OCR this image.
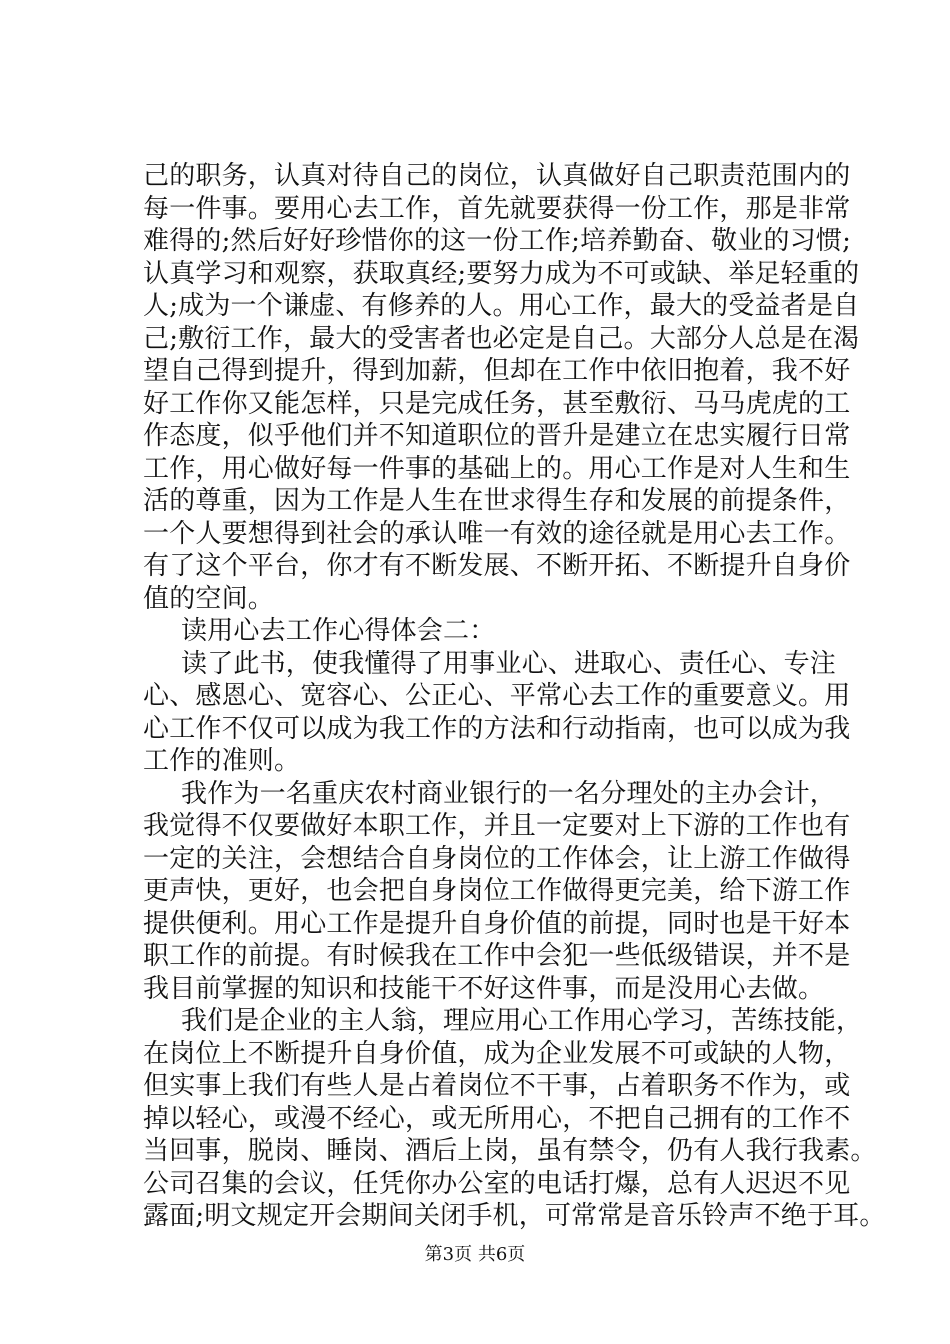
己的职务，认真对待自己的岗位，认真做好自己职责范围内的
每一件事。要用心去工作，首先就要获得一份工作，那是非常
难得的;然后好好珍惜你的这一份工作;培养勤奋、敬业的习惯;
认真学习和观察，获取真经;要努力成为不可或缺、举足轻重的
人;成为一个谦虚、有修养的人。用心工作，最大的受益者是自
己;敷衍工作，最大的受害者也必定是自己。大部分人总是在渴
望自己得到提升，得到加薪，但却在工作中依旧抱着，我不好
好工作你又能怎样，只是完成任务，甚至敷衍、马马虎虎的工
作态度，似乎他们并不知道职位的晋升是建立在忠实履行日常
工作，用心做好每一件事的基础上的。用心工作是对人生和生
活的尊重，因为工作是人生在世求得生存和发展的前提条件，
一个人要想得到社会的承认唯一有效的途径就是用心去工作。
有了这个平台，你才有不断发展、不断开拓、不断提升自身价
值的空间。
读用心去工作心得体会二：
读了此书，使我懂得了用事业心、进取心、责任心、专注
心、感恩心、宽容心、公正心、平常心去工作的重要意义。用
心工作不仅可以成为我工作的方法和行动指南，也可以成为我
工作的准则。
我作为一名重庆农村商业银行的一名分理处的主办会计，
我觉得不仅要做好本职工作，并且一定要对上下游的工作也有
一定的关注，会想结合自身岗位的工作体会，让上游工作做得
更声快，更好，也会把自身岗位工作做得更完美，给下游工作
提供便利。用心工作是提升自身价值的前提，同时也是干好本
职工作的前提。有时候我在工作中会犯一些低级错误，并不是
我目前掌握的知识和技能干不好这件事，而是没用心去做。
我们是企业的主人翁，理应用心工作用心学习，苦练技能，
在岗位上不断提升自身价值，成为企业发展不可或缺的人物，
但实事上我们有些人是占着岗位不干事，占着职务不作为，或
掉以轻心，或漫不经心，或无所用心，不把自己拥有的工作不
当回事，脱岗、睡岗、酒后上岗，虽有禁令，仍有人我行我素。
公司召集的会议，任凭你办公室的电话打爆，总有人迟迟不见
露面;明文规定开会期间关闭手机，可常常是音乐铃声不绝于耳。
第3页 共6页
